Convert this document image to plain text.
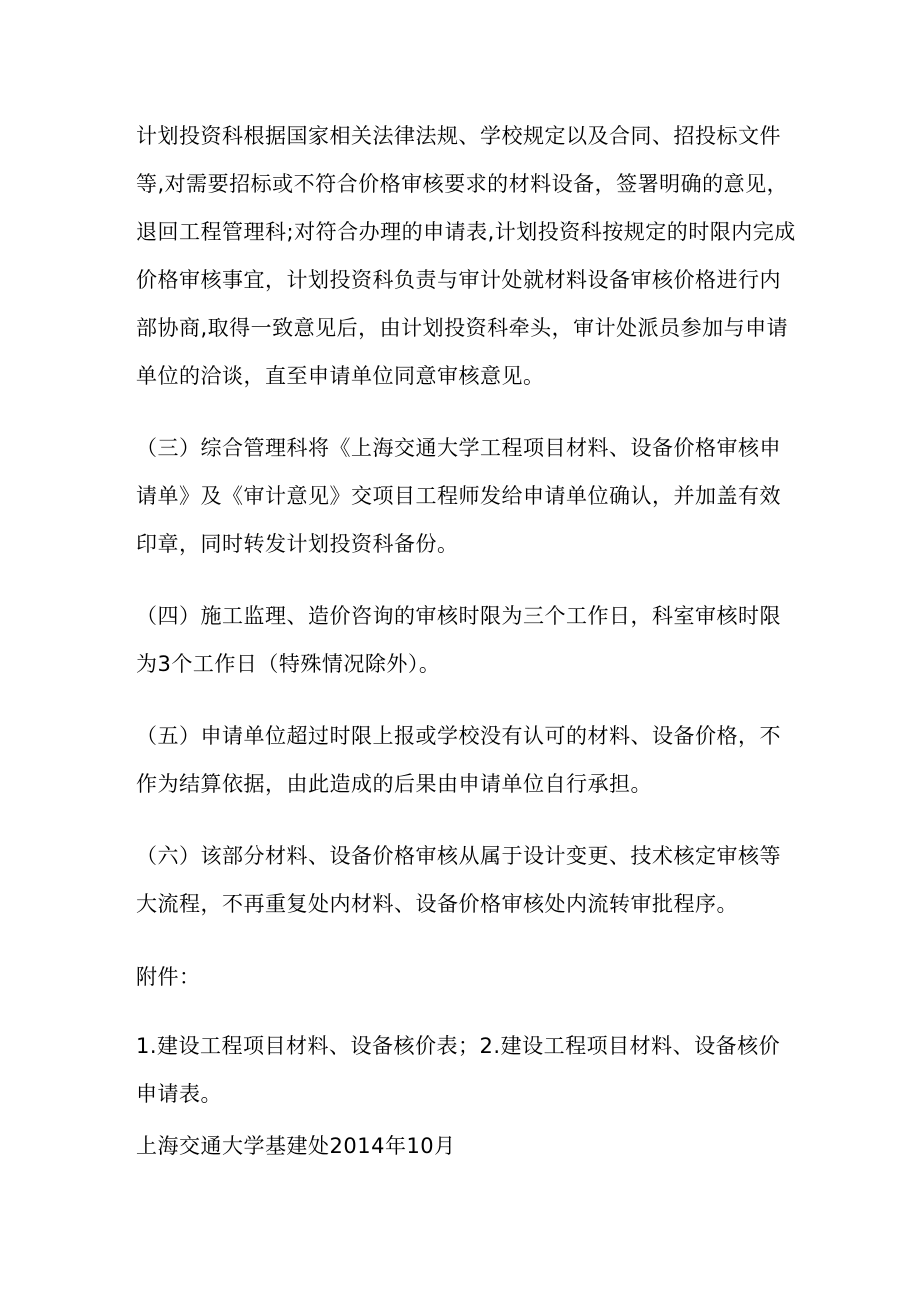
计划投资科根据国家相关法律法规、学校规定以及合同、招投标文件等,对需要招标或不符合价格审核要求的材料设备，签署明确的意见，退回工程管理科;对符合办理的申请表,计划投资科按规定的时限内完成价格审核事宜，计划投资科负责与审计处就材料设备审核价格进行内部协商,取得一致意见后，由计划投资科牵头，审计处派员参加与申请单位的洽谈，直至申请单位同意审核意见。

（三）综合管理科将《上海交通大学工程项目材料、设备价格审核申请单》及《审计意见》交项目工程师发给申请单位确认，并加盖有效印章，同时转发计划投资科备份。

（四）施工监理、造价咨询的审核时限为三个工作日，科室审核时限为3个工作日（特殊情况除外）。

（五）申请单位超过时限上报或学校没有认可的材料、设备价格，不作为结算依据，由此造成的后果由申请单位自行承担。

（六）该部分材料、设备价格审核从属于设计变更、技术核定审核等大流程，不再重复处内材料、设备价格审核处内流转审批程序。

附件：

1.建设工程项目材料、设备核价表；2.建设工程项目材料、设备核价申请表。

上海交通大学基建处2014年10月
